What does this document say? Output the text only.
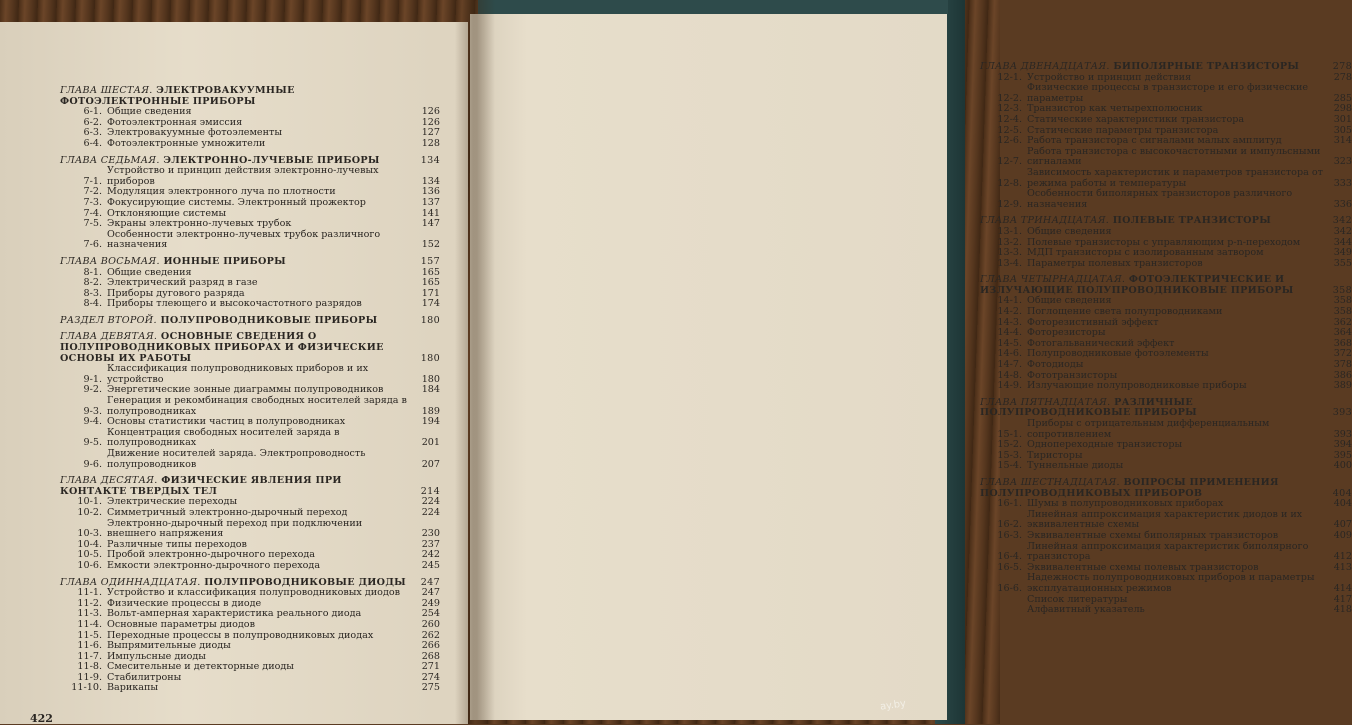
ГЛАВА ШЕСТАЯ. ЭЛЕКТРОВАКУУМНЫЕ ФОТОЭЛЕКТРОННЫЕ ПРИБОРЫ
6-1. Общие сведения	126
6-2. Фотоэлектронная эмиссия	126
6-3. Электровакуумные фотоэлементы	127
6-4. Фотоэлектронные умножители	128
ГЛАВА СЕДЬМАЯ. ЭЛЕКТРОННО-ЛУЧЕВЫЕ ПРИБОРЫ	134
7-1.
Устройство и принцип действия электронно-лучевых приборов	134
7-2. Модуляция электронного луча по плотности	136
7-3. Фокусирующие системы. Электронный прожектор	137
7-4. Отклоняющие системы	141
7-5. Экраны электронно-лучевых трубок	147
7-6.
Особенности электронно-лучевых трубок различного назначения	152
ГЛАВА ВОСЬМАЯ. ИОННЫЕ ПРИБОРЫ	157
8-1. Общие сведения	165
8-2. Электрический разряд в газе	165
8-3. Приборы дугового разряда	171
8-4. Приборы тлеющего и высокочастотного разрядов	174
РАЗДЕЛ ВТОРОЙ. ПОЛУПРОВОДНИКОВЫЕ ПРИБОРЫ	180
ГЛАВА ДЕВЯТАЯ. ОСНОВНЫЕ СВЕДЕНИЯ О ПОЛУПРОВОДНИКОВЫХ ПРИБОРАХ И ФИЗИЧЕСКИЕ ОСНОВЫ ИХ РАБОТЫ	180
9-1.
Классификация полупроводниковых приборов и их устройство	180
9-2. Энергетические зонные диаграммы полупроводников	184
9-3.
Генерация и рекомбинация свободных носителей заряда в полупроводниках	189
9-4. Основы статистики частиц в полупроводниках	194
9-5.
Концентрация свободных носителей заряда в полупроводниках	201
9-6.
Движение носителей заряда. Электропроводность полупроводников	207
ГЛАВА ДЕСЯТАЯ. ФИЗИЧЕСКИЕ ЯВЛЕНИЯ ПРИ КОНТАКТЕ ТВЕРДЫХ ТЕЛ	214
10-1. Электрические переходы	224
10-2. Симметричный электронно-дырочный переход	224
10-3.
Электронно-дырочный переход при подключении внешнего напряжения	230
10-4. Различные типы переходов	237
10-5. Пробой электронно-дырочного перехода	242
10-6. Емкости электронно-дырочного перехода	245
ГЛАВА ОДИННАДЦАТАЯ. ПОЛУПРОВОДНИКОВЫЕ ДИОДЫ	247
11-1. Устройство и классификация полупроводниковых диодов	247
11-2. Физические процессы в диоде	249
11-3. Вольт-амперная характеристика реального диода	254
11-4. Основные параметры диодов	260
11-5. Переходные процессы в полупроводниковых диодах	262
11-6. Выпрямительные диоды	266
11-7. Импульсные диоды	268
11-8. Смесительные и детекторные диоды	271
11-9. Стабилитроны	274
11-10. Варикапы	275
422
ГЛАВА ДВЕНАДЦАТАЯ. БИПОЛЯРНЫЕ ТРАНЗИСТОРЫ	278
12-1. Устройство и принцип действия	278
12-2.
Физические процессы в транзисторе и его физические параметры	285
12-3. Транзистор как четырехполюсник	298
12-4. Статические характеристики транзистора	301
12-5. Статические параметры транзистора	305
12-6. Работа транзистора с сигналами малых амплитуд	314
12-7.
Работа транзистора с высокочастотными и импульсными сигналами	323
12-8.
Зависимость характеристик и параметров транзистора от режима работы и температуры	333
12-9.
Особенности биполярных транзисторов различного назначения	336
ГЛАВА ТРИНАДЦАТАЯ. ПОЛЕВЫЕ ТРАНЗИСТОРЫ	342
13-1. Общие сведения	342
13-2. Полевые транзисторы с управляющим p-n-переходом	344
13-3. МДП транзисторы с изолированным затвором	349
13-4. Параметры полевых транзисторов	355
ГЛАВА ЧЕТЫРНАДЦАТАЯ. ФОТОЭЛЕКТРИЧЕСКИЕ И ИЗЛУЧАЮЩИЕ ПОЛУПРОВОДНИКОВЫЕ ПРИБОРЫ	358
14-1. Общие сведения	358
14-2. Поглощение света полупроводниками	358
14-3. Фоторезистивный эффект	362
14-4. Фоторезисторы	364
14-5. Фотогальванический эффект	368
14-6. Полупроводниковые фотоэлементы	372
14-7. Фотодиоды	378
14-8. Фототранзисторы	386
14-9. Излучающие полупроводниковые приборы	389
ГЛАВА ПЯТНАДЦАТАЯ. РАЗЛИЧНЫЕ ПОЛУПРОВОДНИКОВЫЕ ПРИБОРЫ	393
15-1.
Приборы с отрицательным дифференциальным сопротивлением	393
15-2. Однопереходные транзисторы	394
15-3. Тиристоры	395
15-4. Туннельные диоды	400
ГЛАВА ШЕСТНАДЦАТАЯ. ВОПРОСЫ ПРИМЕНЕНИЯ ПОЛУПРОВОДНИКОВЫХ ПРИБОРОВ	404
16-1. Шумы в полупроводниковых приборах	404
16-2.
Линейная аппроксимация характеристик диодов и их эквивалентные схемы	407
16-3. Эквивалентные схемы биполярных транзисторов	409
16-4.
Линейная аппроксимация характеристик биполярного транзистора	412
16-5. Эквивалентные схемы полевых транзисторов	413
16-6.
Надежность полупроводниковых приборов и параметры эксплуатационных режимов	414
Список литературы	417
Алфавитный указатель	418
ay.by
